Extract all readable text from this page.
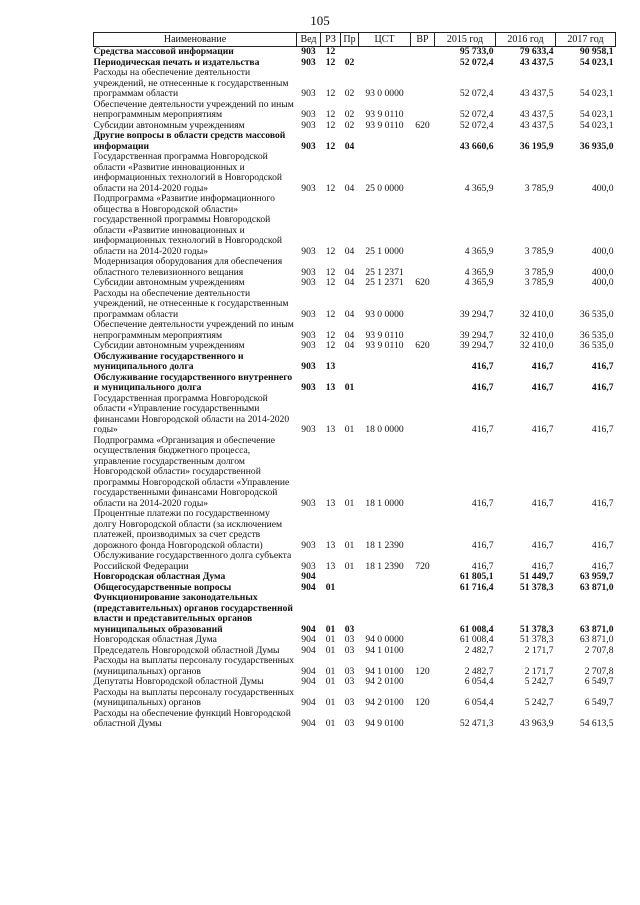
105
Наименование	Вед	РЗ	Пр	ЦСТ	ВР	2015 год	2016 год	2017 год
Средства массовой информации	903	12				95 733,0	79 633,4	90 958,1
Периодическая печать и издательства	903	12	02			52 072,4	43 437,5	54 023,1
Расходы на обеспечение деятельности учреждений, не отнесенные к государственным программам области	903	12	02	93 0 0000		52 072,4	43 437,5	54 023,1
Обеспечение деятельности учреждений по иным непрограммным мероприятиям	903	12	02	93 9 0110		52 072,4	43 437,5	54 023,1
Субсидии автономным учреждениям	903	12	02	93 9 0110	620	52 072,4	43 437,5	54 023,1
Другие вопросы в области средств массовой информации	903	12	04			43 660,6	36 195,9	36 935,0
Государственная программа Новгородской области «Развитие инновационных и информационных технологий в Новгородской области на 2014-2020 годы»	903	12	04	25 0 0000		4 365,9	3 785,9	400,0
Подпрограмма «Развитие информационного общества в Новгородской области» государственной программы Новгородской области «Развитие инновационных и информационных технологий в Новгородской области на 2014-2020 годы»	903	12	04	25 1 0000		4 365,9	3 785,9	400,0
Модернизация оборудования для обеспечения областного телевизионного вещания	903	12	04	25 1 2371		4 365,9	3 785,9	400,0
Субсидии автономным учреждениям	903	12	04	25 1 2371	620	4 365,9	3 785,9	400,0
Расходы на обеспечение деятельности учреждений, не отнесенные к государственным программам области	903	12	04	93 0 0000		39 294,7	32 410,0	36 535,0
Обеспечение деятельности учреждений по иным непрограммным мероприятиям	903	12	04	93 9 0110		39 294,7	32 410,0	36 535,0
Субсидии автономным учреждениям	903	12	04	93 9 0110	620	39 294,7	32 410,0	36 535,0
Обслуживание государственного и муниципального долга	903	13				416,7	416,7	416,7
Обслуживание государственного внутреннего и муниципального долга	903	13	01			416,7	416,7	416,7
Государственная программа Новгородской области «Управление государственными финансами Новгородской области на 2014-2020 годы»	903	13	01	18 0 0000		416,7	416,7	416,7
Подпрограмма «Организация и обеспечение осуществления бюджетного процесса, управление государственным долгом Новгородской области» государственной программы Новгородской области «Управление государственными финансами Новгородской области на 2014-2020 годы»	903	13	01	18 1 0000		416,7	416,7	416,7
Процентные платежи по государственному долгу Новгородской области (за исключением платежей, производимых за счет средств дорожного фонда Новгородской области)	903	13	01	18 1 2390		416,7	416,7	416,7
Обслуживание государственного долга субъекта Российской Федерации	903	13	01	18 1 2390	720	416,7	416,7	416,7
Новгородская областная Дума	904					61 805,1	51 449,7	63 959,7
Общегосударственные вопросы	904	01				61 716,4	51 378,3	63 871,0
Функционирование законодательных (представительных) органов государственной власти и представительных органов муниципальных образований	904	01	03			61 008,4	51 378,3	63 871,0
Новгородская областная Дума	904	01	03	94 0 0000		61 008,4	51 378,3	63 871,0
Председатель Новгородской областной Думы	904	01	03	94 1 0100		2 482,7	2 171,7	2 707,8
Расходы на выплаты персоналу государственных (муниципальных) органов	904	01	03	94 1 0100	120	2 482,7	2 171,7	2 707,8
Депутаты Новгородской областной Думы	904	01	03	94 2 0100		6 054,4	5 242,7	6 549,7
Расходы на выплаты персоналу государственных (муниципальных) органов	904	01	03	94 2 0100	120	6 054,4	5 242,7	6 549,7
Расходы на обеспечение функций Новгородской областной Думы	904	01	03	94 9 0100		52 471,3	43 963,9	54 613,5
